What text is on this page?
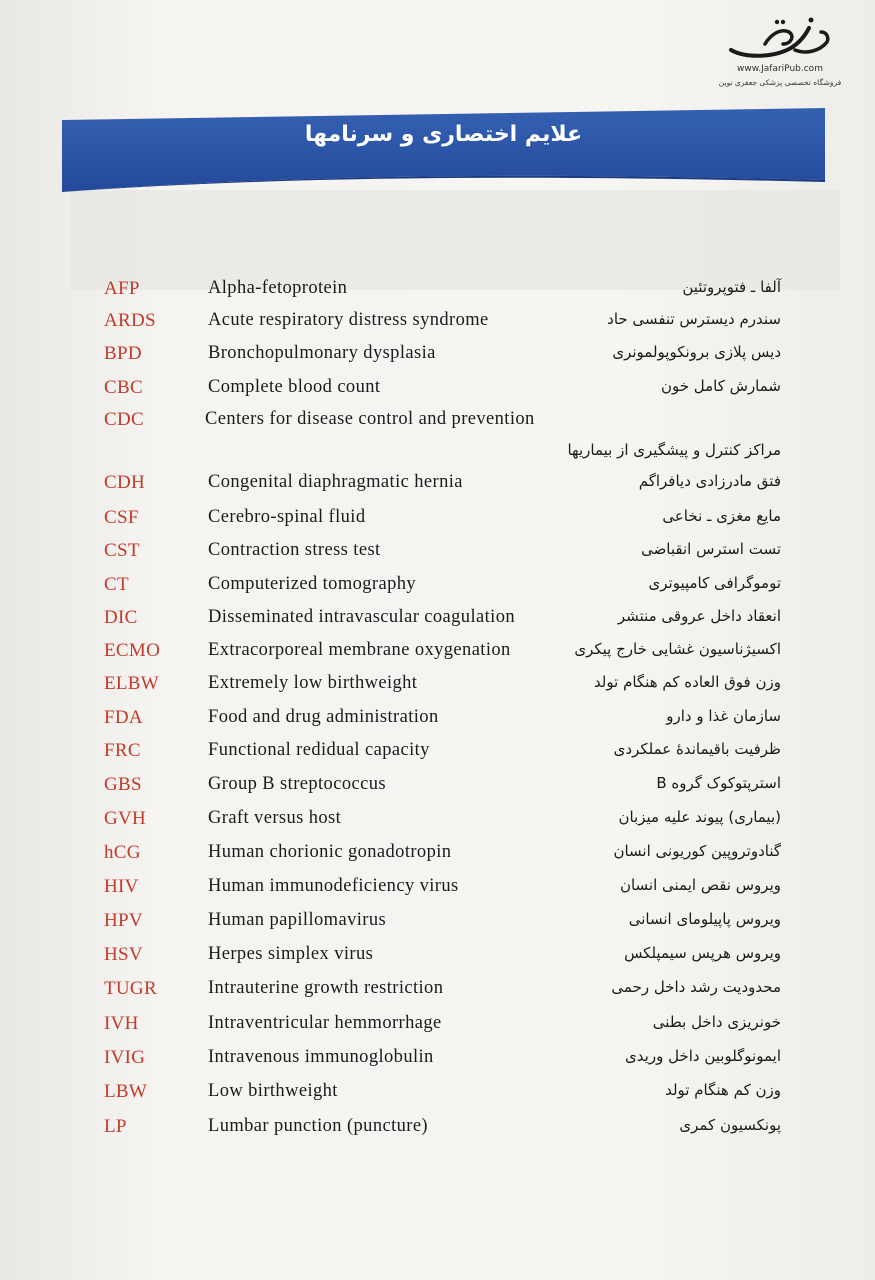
www.JafariPub.com
فروشگاه تخصصی پزشکی جعفری نوین
علایم اختصاری و سرنامها
AFP	Alpha-fetoprotein	آلفا ـ فتوپروتئین
ARDS	Acute respiratory distress syndrome	سندرم دیسترس تنفسی حاد
BPD	Bronchopulmonary dysplasia	دیس پلازی برونکوپولمونری
CBC	Complete blood count	شمارش کامل خون
CDC	Centers for disease control and prevention
مراکز کنترل و پیشگیری از بیماریها
CDH	Congenital diaphragmatic hernia	فتق مادرزادی دیافراگم
CSF	Cerebro-spinal fluid	مایع مغزی ـ نخاعی
CST	Contraction stress test	تست استرس انقباضی
CT	Computerized tomography	توموگرافی کامپیوتری
DIC	Disseminated intravascular coagulation	انعقاد داخل عروقی منتشر
ECMO	Extracorporeal membrane oxygenation	اکسیژناسیون غشایی خارج پیکری
ELBW	Extremely low birthweight	وزن فوق العاده کم هنگام تولد
FDA	Food and drug administration	سازمان غذا و دارو
FRC	Functional redidual capacity	ظرفیت باقیماندهٔ عملکردی
GBS	Group B streptococcus	استرپتوکوک گروه B
GVH	Graft versus host	(بیماری) پیوند علیه میزبان
hCG	Human chorionic gonadotropin	گنادوتروپین کوریونی انسان
HIV	Human immunodeficiency virus	ویروس نقص ایمنی انسان
HPV	Human papillomavirus	ویروس پاپیلومای انسانی
HSV	Herpes simplex virus	ویروس هرپس سیمپلکس
TUGR	Intrauterine growth restriction	محدودیت رشد داخل رحمی
IVH	Intraventricular hemmorrhage	خونریزی داخل بطنی
IVIG	Intravenous immunoglobulin	ایمونوگلوبین داخل وریدی
LBW	Low birthweight	وزن کم هنگام تولد
LP	Lumbar punction (puncture)	پونکسیون کمری
